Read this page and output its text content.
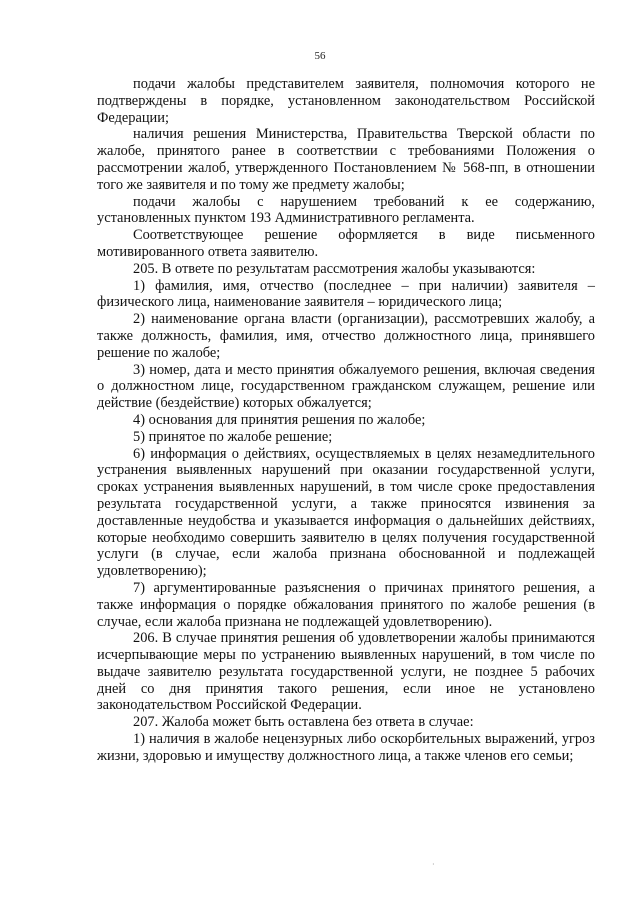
56

подачи жалобы представителем заявителя, полномочия которого не подтверждены в порядке, установленном законодательством Российской Федерации;

наличия решения Министерства, Правительства Тверской области по жалобе, принятого ранее в соответствии с требованиями Положения о рассмотрении жалоб, утвержденного Постановлением № 568-пп, в отношении того же заявителя и по тому же предмету жалобы;

подачи жалобы с нарушением требований к ее содержанию, установленных пунктом 193 Административного регламента.

Соответствующее решение оформляется в виде письменного мотивированного ответа заявителю.

205. В ответе по результатам рассмотрения жалобы указываются:

1) фамилия, имя, отчество (последнее – при наличии) заявителя – физического лица, наименование заявителя – юридического лица;

2) наименование органа власти (организации), рассмотревших жалобу, а также должность, фамилия, имя, отчество должностного лица, принявшего решение по жалобе;

3) номер, дата и место принятия обжалуемого решения, включая сведения о должностном лице, государственном гражданском служащем, решение или действие (бездействие) которых обжалуется;

4) основания для принятия решения по жалобе;

5) принятое по жалобе решение;

6) информация о действиях, осуществляемых в целях незамедлительного устранения выявленных нарушений при оказании государственной услуги, сроках устранения выявленных нарушений, в том числе сроке предоставления результата государственной услуги, а также приносятся извинения за доставленные неудобства и указывается информация о дальнейших действиях, которые необходимо совершить заявителю в целях получения государственной услуги (в случае, если жалоба признана обоснованной и подлежащей удовлетворению);

7) аргументированные разъяснения о причинах принятого решения, а также информация о порядке обжалования принятого по жалобе решения (в случае, если жалоба признана не подлежащей удовлетворению).

206. В случае принятия решения об удовлетворении жалобы принимаются исчерпывающие меры по устранению выявленных нарушений, в том числе по выдаче заявителю результата государственной услуги, не позднее 5 рабочих дней со дня принятия такого решения, если иное не установлено законодательством Российской Федерации.

207. Жалоба может быть оставлена без ответа в случае:

1) наличия в жалобе нецензурных либо оскорбительных выражений, угроз жизни, здоровью и имуществу должностного лица, а также членов его семьи;

·
